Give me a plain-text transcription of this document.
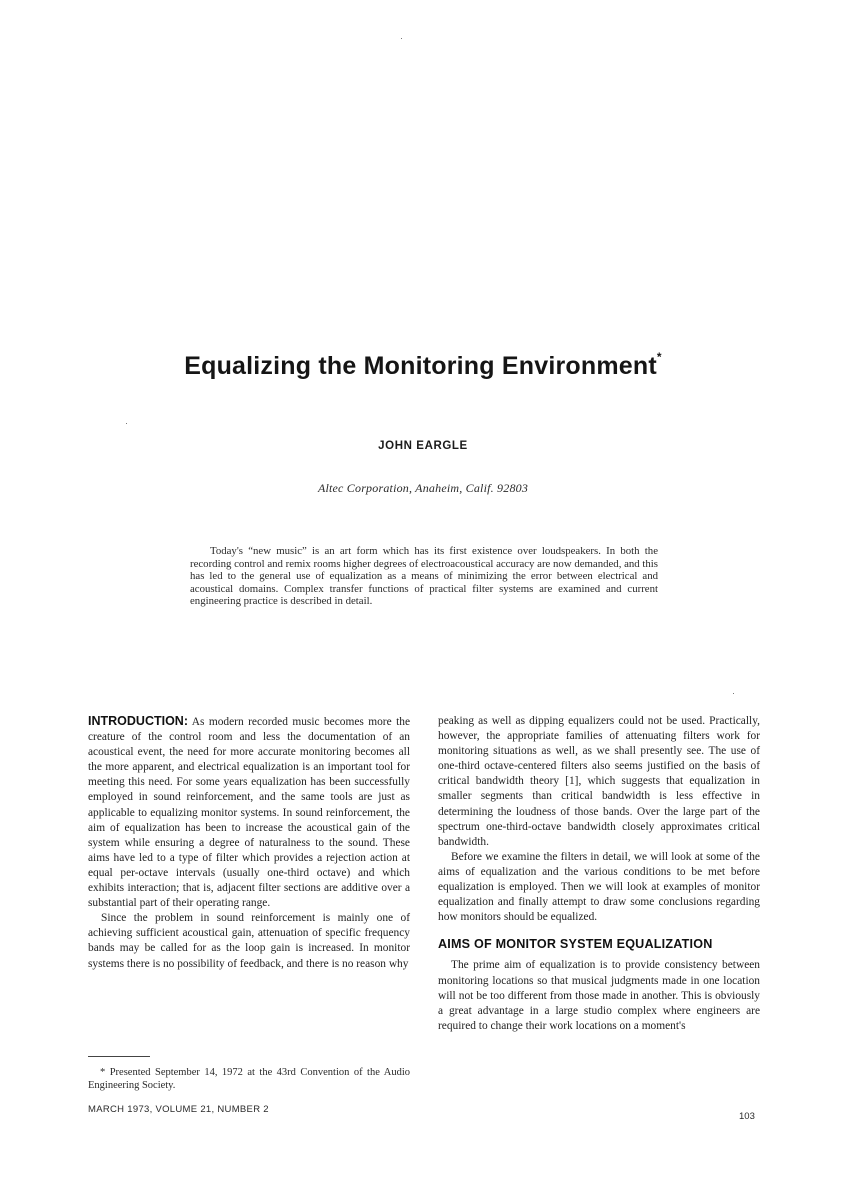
Equalizing the Monitoring Environment*
JOHN EARGLE
Altec Corporation, Anaheim, Calif. 92803
Today's “new music” is an art form which has its first existence over loudspeakers. In both the recording control and remix rooms higher degrees of electroacoustical accuracy are now demanded, and this has led to the general use of equalization as a means of minimizing the error between electrical and acoustical domains. Complex transfer functions of practical filter systems are examined and current engineering practice is described in detail.

INTRODUCTION: As modern recorded music becomes more the creature of the control room and less the documentation of an acoustical event, the need for more accurate monitoring becomes all the more apparent, and electrical equalization is an important tool for meeting this need. For some years equalization has been successfully employed in sound reinforcement, and the same tools are just as applicable to equalizing monitor systems. In sound reinforcement, the aim of equalization has been to increase the acoustical gain of the system while ensuring a degree of naturalness to the sound. These aims have led to a type of filter which provides a rejection action at equal per-octave intervals (usually one-third octave) and which exhibits interaction; that is, adjacent filter sections are additive over a substantial part of their operating range.

Since the problem in sound reinforcement is mainly one of achieving sufficient acoustical gain, attenuation of specific frequency bands may be called for as the loop gain is increased. In monitor systems there is no possibility of feedback, and there is no reason why

peaking as well as dipping equalizers could not be used. Practically, however, the appropriate families of attenuating filters work for monitoring situations as well, as we shall presently see. The use of one-third octave-centered filters also seems justified on the basis of critical bandwidth theory [1], which suggests that equalization in smaller segments than critical bandwidth is less effective in determining the loudness of those bands. Over the large part of the spectrum one-third-octave bandwidth closely approximates critical bandwidth.

Before we examine the filters in detail, we will look at some of the aims of equalization and the various conditions to be met before equalization is employed. Then we will look at examples of monitor equalization and finally attempt to draw some conclusions regarding how monitors should be equalized.

AIMS OF MONITOR SYSTEM EQUALIZATION

The prime aim of equalization is to provide consistency between monitoring locations so that musical judgments made in one location will not be too different from those made in another. This is obviously a great advantage in a large studio complex where engineers are required to change their work locations on a moment's

* Presented September 14, 1972 at the 43rd Convention of the Audio Engineering Society.
MARCH 1973, VOLUME 21, NUMBER 2
103
